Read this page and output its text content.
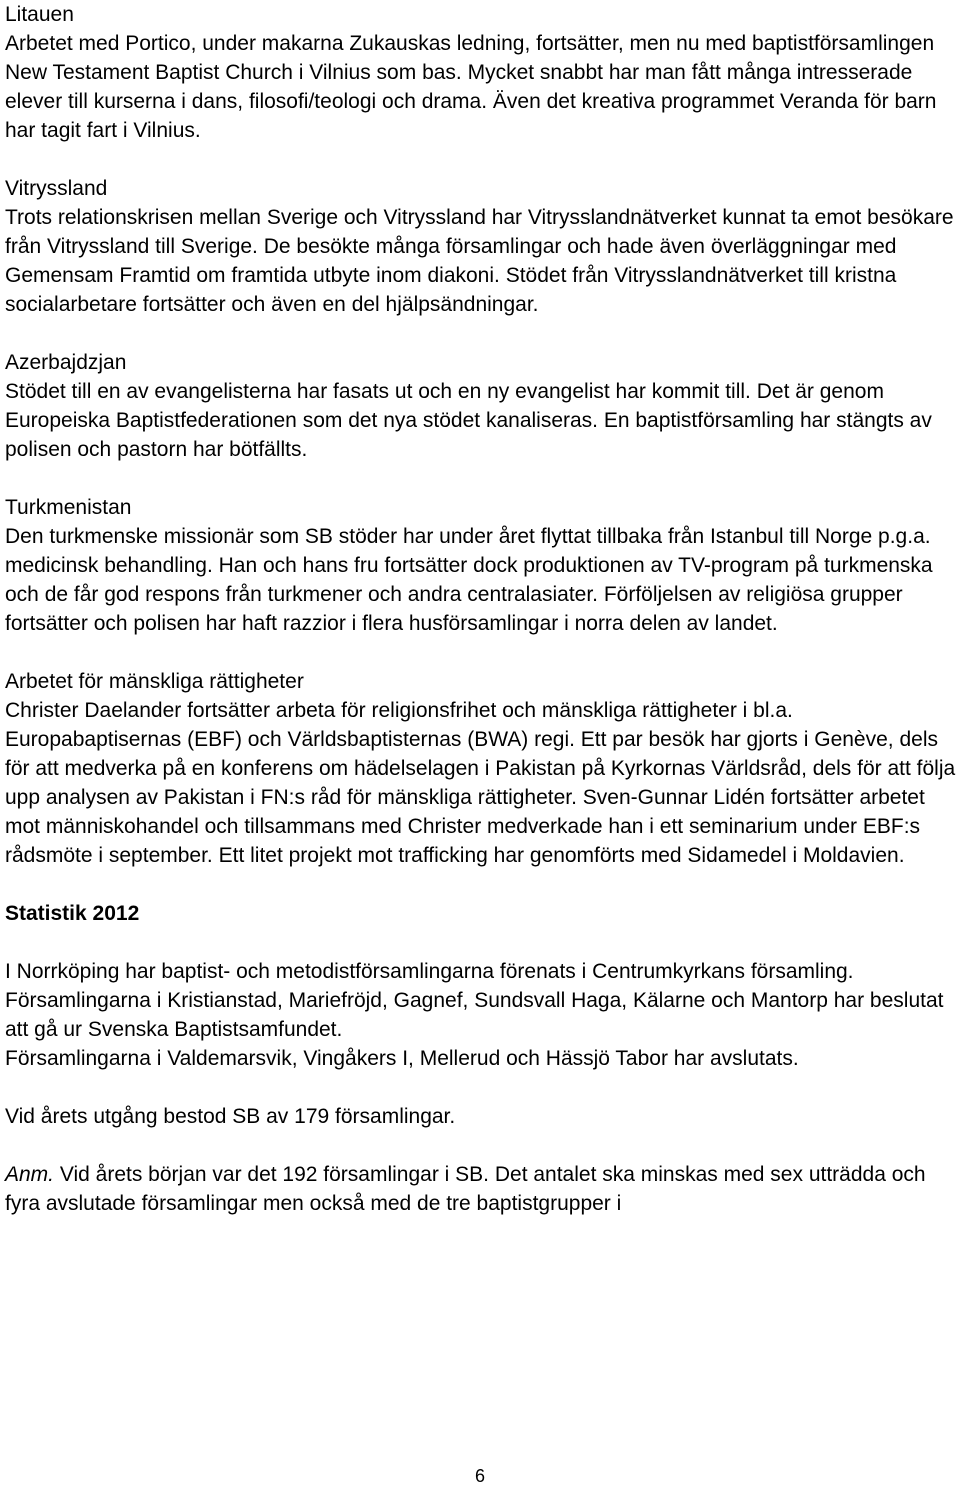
Litauen

Arbetet med Portico, under makarna Zukauskas ledning, fortsätter, men nu med baptistförsamlingen New Testament Baptist Church i Vilnius som bas. Mycket snabbt har man fått många intresserade elever till kurserna i dans, filosofi/teologi och drama. Även det kreativa programmet Veranda för barn har tagit fart i Vilnius.

Vitryssland

Trots relationskrisen mellan Sverige och Vitryssland har Vitrysslandnätverket kunnat ta emot besökare från Vitryssland till Sverige. De besökte många församlingar och hade även överläggningar med Gemensam Framtid om framtida utbyte inom diakoni. Stödet från Vitrysslandnätverket till kristna socialarbetare fortsätter och även en del hjälpsändningar.

Azerbajdzjan

Stödet till en av evangelisterna har fasats ut och en ny evangelist har kommit till. Det är genom Europeiska Baptistfederationen som det nya stödet kanaliseras. En baptistförsamling har stängts av polisen och pastorn har bötfällts.

Turkmenistan

Den turkmenske missionär som SB stöder har under året flyttat tillbaka från Istanbul till Norge p.g.a. medicinsk behandling. Han och hans fru fortsätter dock produktionen av TV-program på turkmenska och de får god respons från turkmener och andra centralasiater. Förföljelsen av religiösa grupper fortsätter och polisen har haft razzior i flera husförsamlingar i norra delen av landet.

Arbetet för mänskliga rättigheter

Christer Daelander fortsätter arbeta för religionsfrihet och mänskliga rättigheter i bl.a. Europabaptisernas (EBF) och Världsbaptisternas (BWA) regi. Ett par besök har gjorts i Genève, dels för att medverka på en konferens om hädelselagen i Pakistan på Kyrkornas Världsråd, dels för att följa upp analysen av Pakistan i FN:s råd för mänskliga rättigheter. Sven-Gunnar Lidén fortsätter arbetet mot människohandel och tillsammans med Christer medverkade han i ett seminarium under EBF:s rådsmöte i september. Ett litet projekt mot trafficking har genomförts med Sidamedel i Moldavien.

Statistik 2012

I Norrköping har baptist- och metodistförsamlingarna förenats i Centrumkyrkans församling.

Församlingarna i Kristianstad, Mariefröjd, Gagnef, Sundsvall Haga, Kälarne och Mantorp har beslutat att gå ur Svenska Baptistsamfundet.

Församlingarna i Valdemarsvik, Vingåkers I, Mellerud och Hässjö Tabor har avslutats.

Vid årets utgång bestod SB av 179 församlingar.

Anm. Vid årets början var det 192 församlingar i SB. Det antalet ska minskas med sex utträdda och fyra avslutade församlingar men också med de tre baptistgrupper i

6
